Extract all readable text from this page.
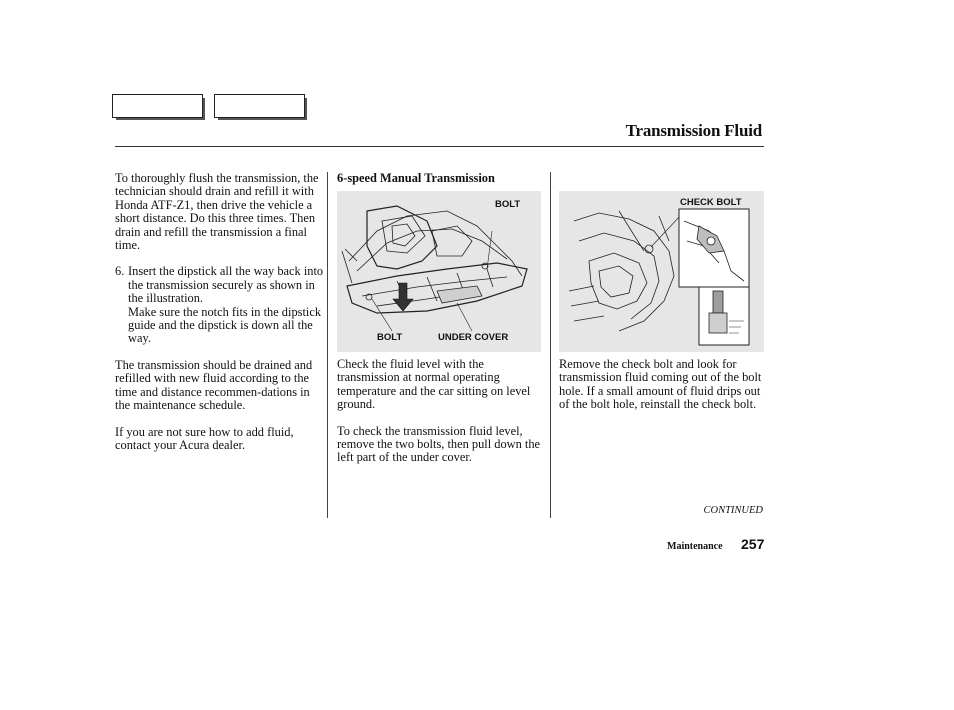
Transmission Fluid

To thoroughly flush the transmission, the technician should drain and refill it with Honda ATF-Z1, then drive the vehicle a short distance. Do this three times. Then drain and refill the transmission a final time.

6. Insert the dipstick all the way back into the transmission securely as shown in the illustration.
Make sure the notch fits in the dipstick guide and the dipstick is down all the way.

The transmission should be drained and refilled with new fluid according to the time and distance recommen-dations in the maintenance schedule.

If you are not sure how to add fluid, contact your Acura dealer.

6-speed Manual Transmission

BOLT
BOLT	UNDER COVER

Check the fluid level with the transmission at normal operating temperature and the car sitting on level ground.

To check the transmission fluid level, remove the two bolts, then pull down the left part of the under cover.

CHECK BOLT

Remove the check bolt and look for transmission fluid coming out of the bolt hole. If a small amount of fluid drips out of the bolt hole, reinstall the check bolt.

CONTINUED
Maintenance 257
